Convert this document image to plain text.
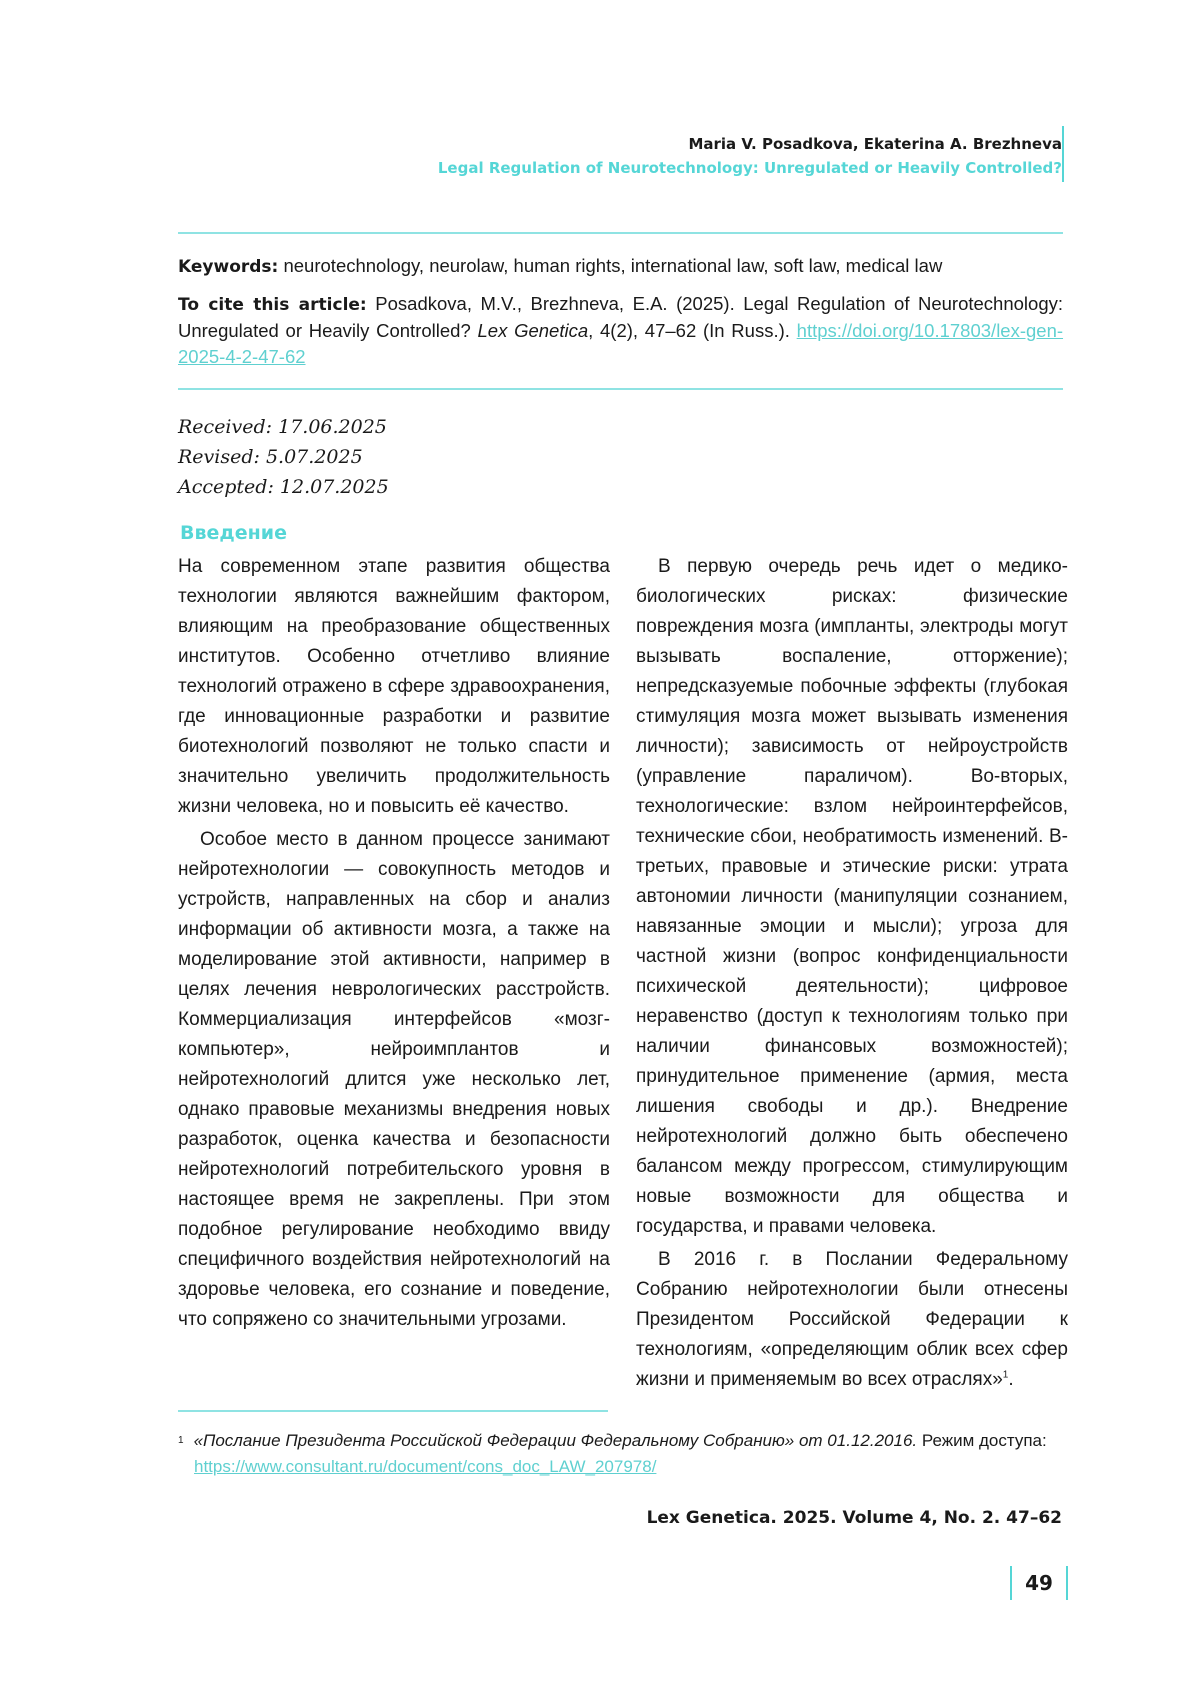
Maria V. Posadkova, Ekaterina A. Brezhneva
Legal Regulation of Neurotechnology: Unregulated or Heavily Controlled?
Keywords: neurotechnology, neurolaw, human rights, international law, soft law, medical law
To cite this article: Posadkova, M.V., Brezhneva, E.A. (2025). Legal Regulation of Neurotechnology: Unregulated or Heavily Controlled? Lex Genetica, 4(2), 47–62 (In Russ.). https://doi.org/10.17803/lex-gen-2025-4-2-47-62
Received: 17.06.2025
Revised: 5.07.2025
Accepted: 12.07.2025
Введение

На современном этапе развития общества технологии являются важнейшим фактором, влияющим на преобразование общественных институтов. Особенно отчетливо влияние технологий отражено в сфере здравоохранения, где инновационные разработки и развитие биотехнологий позволяют не только спасти и значительно увеличить продолжительность жизни человека, но и повысить её качество.

Особое место в данном процессе занимают нейротехнологии — совокупность методов и устройств, направленных на сбор и анализ информации об активности мозга, а также на моделирование этой активности, например в целях лечения неврологических расстройств. Коммерциализация интерфейсов «мозг-компьютер», нейроимплантов и нейротехнологий длится уже несколько лет, однако правовые механизмы внедрения новых разработок, оценка качества и безопасности нейротехнологий потребительского уровня в настоящее время не закреплены. При этом подобное регулирование необходимо ввиду специфичного воздействия нейротехнологий на здоровье человека, его сознание и поведение, что сопряжено со значительными угрозами.

В первую очередь речь идет о медико-биологических рисках: физические повреждения мозга (импланты, электроды могут вызывать воспаление, отторжение); непредсказуемые побочные эффекты (глубокая стимуляция мозга может вызывать изменения личности); зависимость от нейроустройств (управление параличом). Во-вторых, технологические: взлом нейроинтерфейсов, технические сбои, необратимость изменений. В-третьих, правовые и этические риски: утрата автономии личности (манипуляции сознанием, навязанные эмоции и мысли); угроза для частной жизни (вопрос конфиденциальности психической деятельности); цифровое неравенство (доступ к технологиям только при наличии финансовых возможностей); принудительное применение (армия, места лишения свободы и др.). Внедрение нейротехнологий должно быть обеспечено балансом между прогрессом, стимулирующим новые возможности для общества и государства, и правами человека.

В 2016 г. в Послании Федеральному Собранию нейротехнологии были отнесены Президентом Российской Федерации к технологиям, «определяющим облик всех сфер жизни и применяемым во всех отраслях»$^1$.

$^1$ «Послание Президента Российской Федерации Федеральному Собранию» от 01.12.2016. Режим доступа:
https://www.consultant.ru/document/cons_doc_LAW_207978/
Lex Genetica. 2025. Volume 4, No. 2. 47–62
49
